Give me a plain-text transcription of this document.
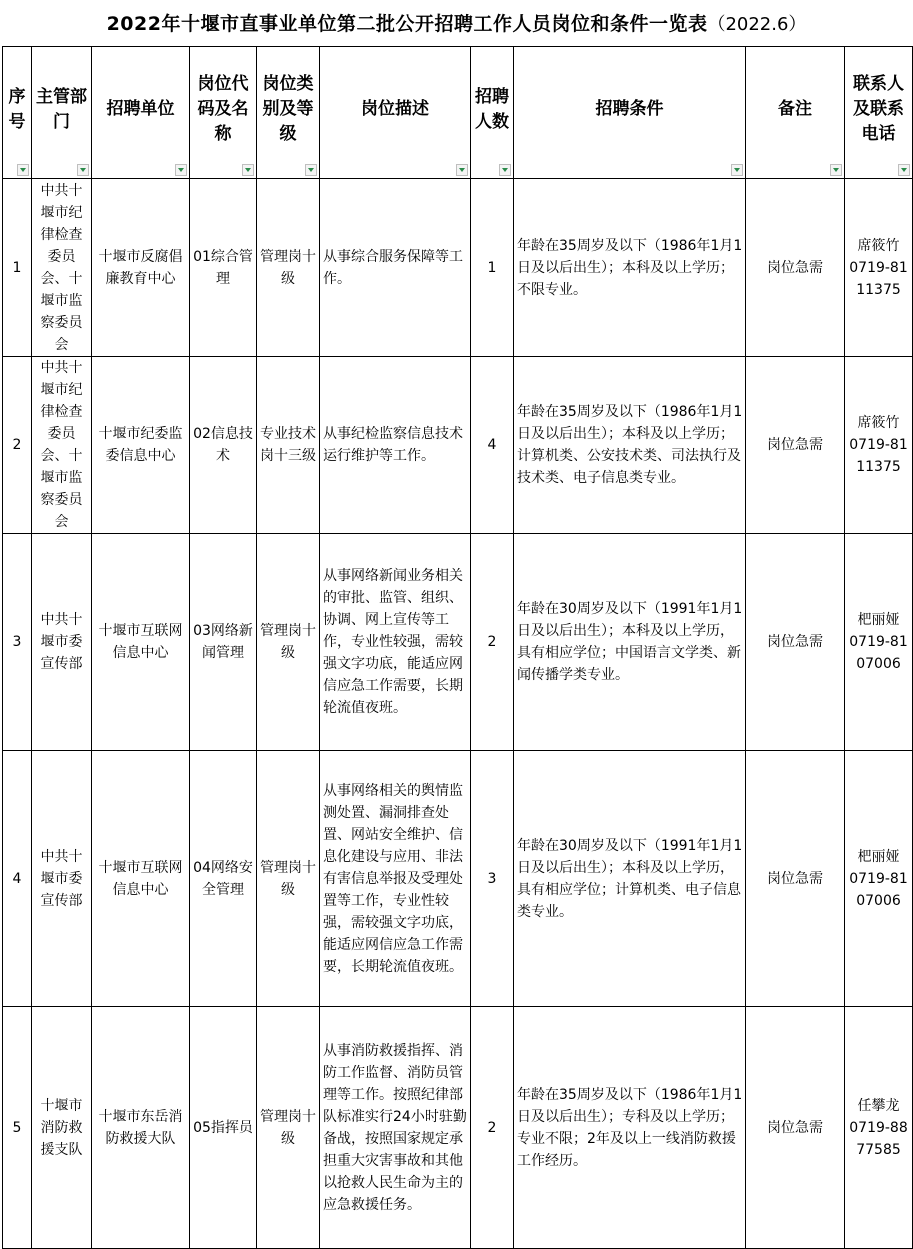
2022年十堰市直事业单位第二批公开招聘工作人员岗位和条件一览表（2022.6）
序号	主管部门	招聘单位	岗位代码及名称	岗位类别及等级	岗位描述	招聘人数	招聘条件	备注	联系人及联系电话

1	中共十堰市纪律检查委员会、十堰市监察委员会	十堰市反腐倡廉教育中心	01综合管理	管理岗十级	从事综合服务保障等工作。	1	年龄在35周岁及以下（1986年1月1日及以后出生）；本科及以上学历；不限专业。	岗位急需	席筱竹
0719-8111375

2	中共十堰市纪律检查委员会、十堰市监察委员会	十堰市纪委监委信息中心	02信息技术	专业技术岗十三级	从事纪检监察信息技术运行维护等工作。	4	年龄在35周岁及以下（1986年1月1日及以后出生）；本科及以上学历；计算机类、公安技术类、司法执行及技术类、电子信息类专业。	岗位急需	席筱竹
0719-8111375

3	中共十堰市委宣传部	十堰市互联网信息中心	03网络新闻管理	管理岗十级	从事网络新闻业务相关的审批、监管、组织、协调、网上宣传等工作，专业性较强，需较强文字功底，能适应网信应急工作需要，长期轮流值夜班。	2	年龄在30周岁及以下（1991年1月1日及以后出生）；本科及以上学历，具有相应学位；中国语言文学类、新闻传播学类专业。	岗位急需	杷丽娅
0719-8107006

4	中共十堰市委宣传部	十堰市互联网信息中心	04网络安全管理	管理岗十级	从事网络相关的舆情监测处置、漏洞排查处置、网站安全维护、信息化建设与应用、非法有害信息举报及受理处置等工作，专业性较强，需较强文字功底，能适应网信应急工作需要，长期轮流值夜班。	3	年龄在30周岁及以下（1991年1月1日及以后出生）；本科及以上学历，具有相应学位；计算机类、电子信息类专业。	岗位急需	杷丽娅
0719-8107006

5	十堰市消防救援支队	十堰市东岳消防救援大队	05指挥员	管理岗十级	从事消防救援指挥、消防工作监督、消防员管理等工作。按照纪律部队标准实行24小时驻勤备战，按照国家规定承担重大灾害事故和其他以抢救人民生命为主的应急救援任务。	2	年龄在35周岁及以下（1986年1月1日及以后出生）；专科及以上学历；专业不限；2年及以上一线消防救援工作经历。	岗位急需	任攀龙
0719-8877585
